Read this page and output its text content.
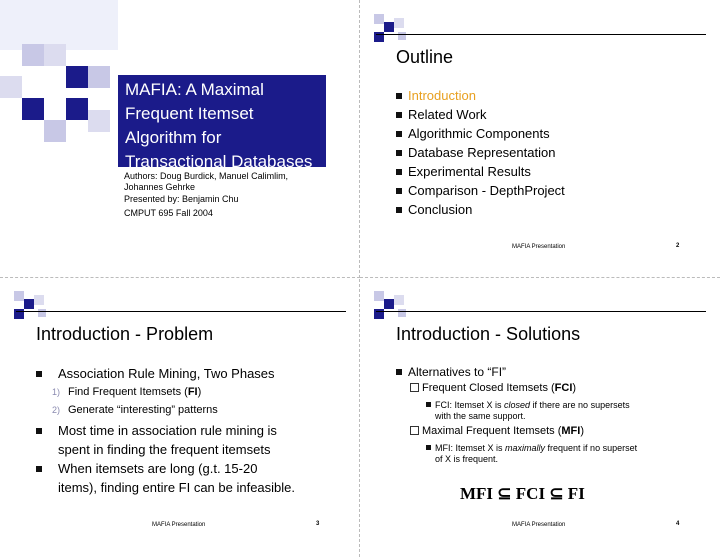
MAFIA: A Maximal
Frequent Itemset
Algorithm for
Transactional Databases
Authors: Doug Burdick, Manuel Calimlim,
Johannes Gehrke
Presented by: Benjamin Chu
CMPUT 695 Fall 2004
Outline
Introduction
Related Work
Algorithmic Components
Database Representation
Experimental Results
Comparison - DepthProject
Conclusion
MAFIA Presentation	2
Introduction - Problem
Association Rule Mining, Two Phases
1) Find Frequent Itemsets (FI)
2) Generate “interesting” patterns
Most time in association rule mining is
spent in finding the frequent itemsets
When itemsets are long (g.t. 15-20
items), finding entire FI can be infeasible.
MAFIA Presentation	3
Introduction - Solutions
Alternatives to “FI”
Frequent Closed Itemsets (FCI)
FCI: Itemset X is closed if there are no supersets
with the same support.
Maximal Frequent Itemsets (MFI)
MFI: Itemset X is maximally frequent if no superset
of X is frequent.
MFI ⊆ FCI ⊆ FI
MAFIA Presentation	4
